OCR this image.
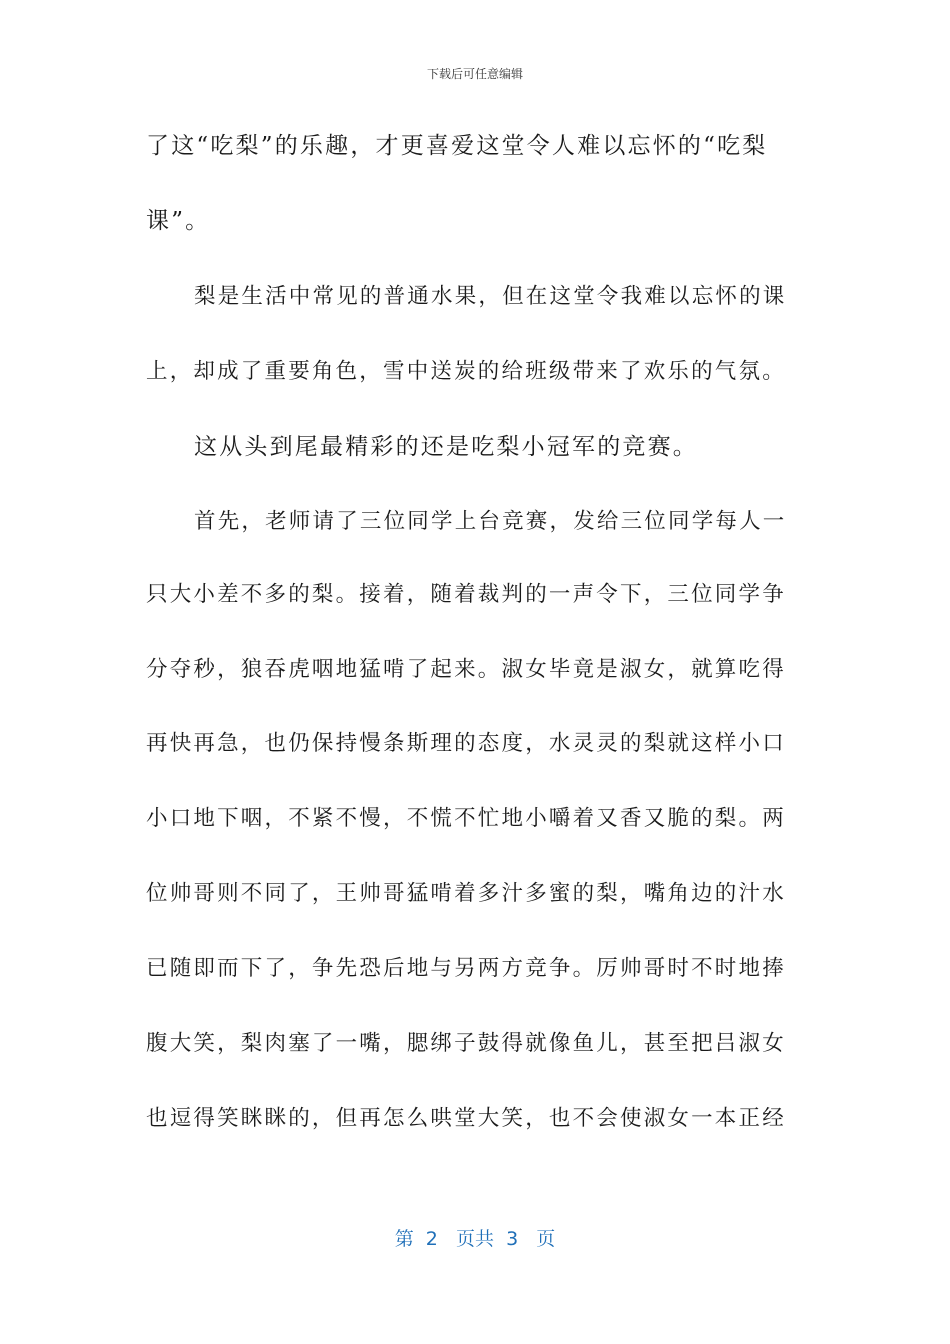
下载后可任意编辑
了这“吃梨”的乐趣，才更喜爱这堂令人难以忘怀的“吃梨
课”。
梨是生活中常见的普通水果，但在这堂令我难以忘怀的课
上，却成了重要角色，雪中送炭的给班级带来了欢乐的气氛。
这从头到尾最精彩的还是吃梨小冠军的竞赛。
首先，老师请了三位同学上台竞赛，发给三位同学每人一
只大小差不多的梨。接着，随着裁判的一声令下，三位同学争
分夺秒，狼吞虎咽地猛啃了起来。淑女毕竟是淑女，就算吃得
再快再急，也仍保持慢条斯理的态度，水灵灵的梨就这样小口
小口地下咽，不紧不慢，不慌不忙地小嚼着又香又脆的梨。两
位帅哥则不同了，王帅哥猛啃着多汁多蜜的梨，嘴角边的汁水
已随即而下了，争先恐后地与另两方竞争。厉帅哥时不时地捧
腹大笑，梨肉塞了一嘴，腮绑子鼓得就像鱼儿，甚至把吕淑女
也逗得笑眯眯的，但再怎么哄堂大笑，也不会使淑女一本正经
第  2   页共  3   页
